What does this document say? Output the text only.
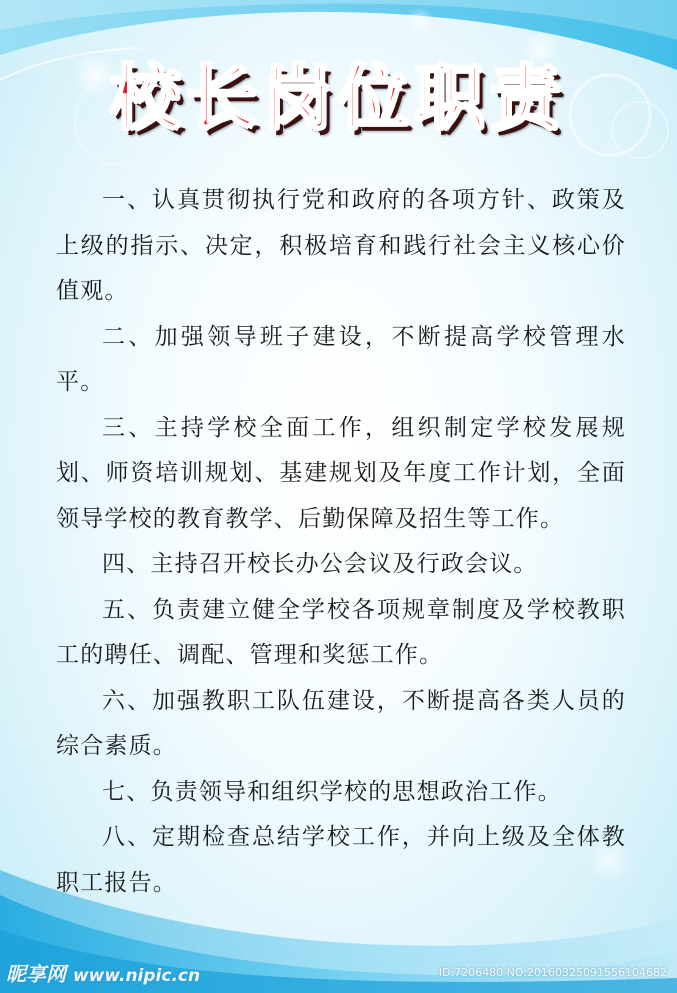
校长岗位职责

一、认真贯彻执行党和政府的各项方针、政策及上级的指示、决定，积极培育和践行社会主义核心价值观。

二、加强领导班子建设，不断提高学校管理水平。

三、主持学校全面工作，组织制定学校发展规划、师资培训规划、基建规划及年度工作计划，全面领导学校的教育教学、后勤保障及招生等工作。

四、主持召开校长办公会议及行政会议。

五、负责建立健全学校各项规章制度及学校教职工的聘任、调配、管理和奖惩工作。

六、加强教职工队伍建设，不断提高各类人员的综合素质。

七、负责领导和组织学校的思想政治工作。

八、定期检查总结学校工作，并向上级及全体教职工报告。

昵享网 www.nipic.cn	ID:7206480 NO:20160325091556104682
